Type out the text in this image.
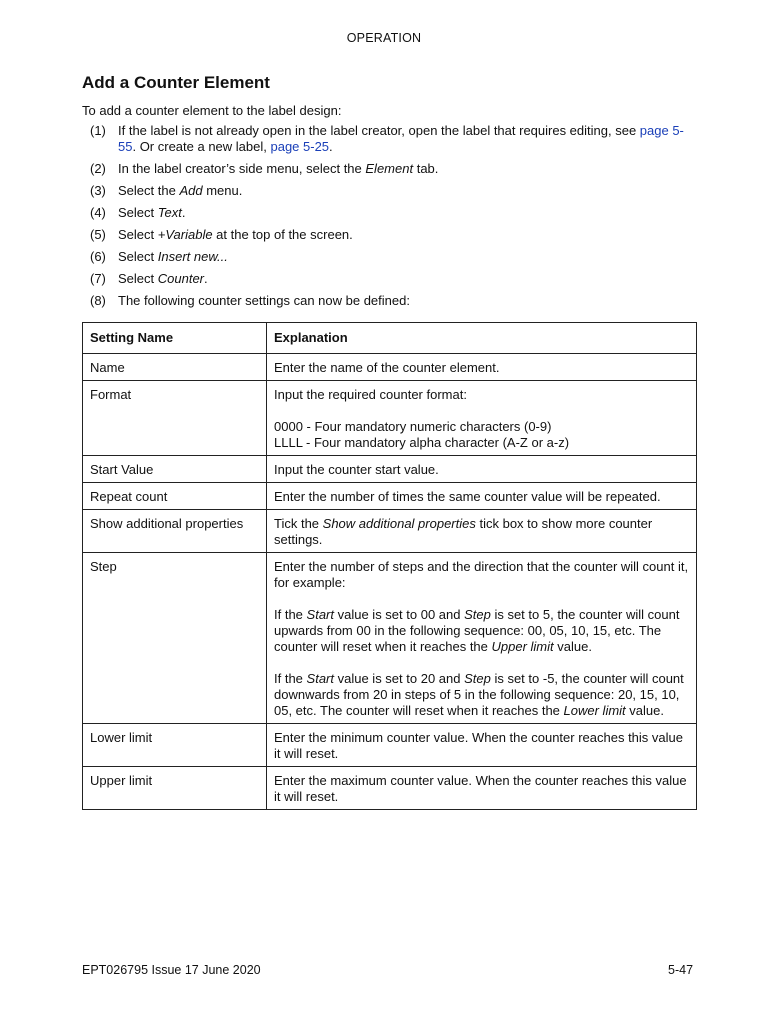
OPERATION
Add a Counter Element
To add a counter element to the label design:
(1) If the label is not already open in the label creator, open the label that requires editing, see page 5-55. Or create a new label, page 5-25.
(2) In the label creator’s side menu, select the Element tab.
(3) Select the Add menu.
(4) Select Text.
(5) Select +Variable at the top of the screen.
(6) Select Insert new...
(7) Select Counter.
(8) The following counter settings can now be defined:
Setting Name	Explanation
Name	Enter the name of the counter element.
Format	Input the required counter format:
0000 - Four mandatory numeric characters (0-9)
LLLL - Four mandatory alpha character (A-Z or a-z)

Start Value	Input the counter start value.
Repeat count	Enter the number of times the same counter value will be repeated.
Show additional properties	Tick the Show additional properties tick box to show more counter settings.
Step	Enter the number of steps and the direction that the counter will count it, for example:
If the Start value is set to 00 and Step is set to 5, the counter will count upwards from 00 in the following sequence: 00, 05, 10, 15, etc. The counter will reset when it reaches the Upper limit value.
If the Start value is set to 20 and Step is set to -5, the counter will count downwards from 20 in steps of 5 in the following sequence: 20, 15, 10, 05, etc. The counter will reset when it reaches the Lower limit value.

Lower limit	Enter the minimum counter value. When the counter reaches this value it will reset.
Upper limit	Enter the maximum counter value. When the counter reaches this value it will reset.
EPT026795 Issue 17 June 2020	5-47
